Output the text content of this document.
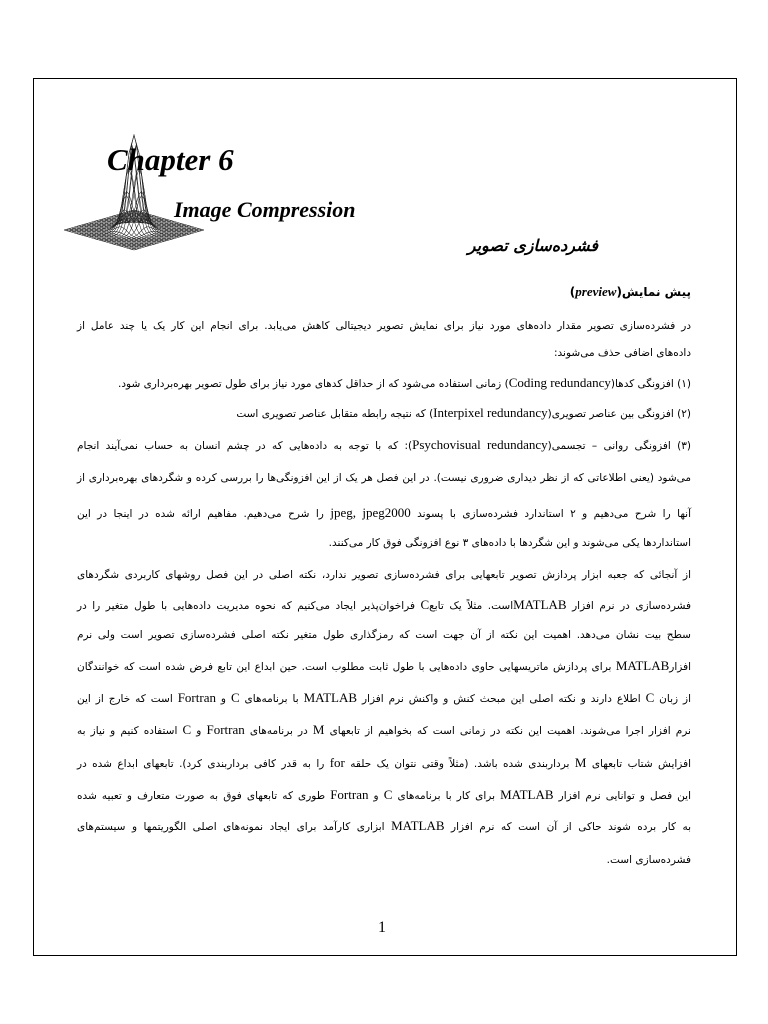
Chapter 6
Image Compression
فشرده‌سازی تصویر
پیش نمایش(preview)
در فشرده‌سازی تصویر مقدار داده‌های مورد نیاز برای نمایش تصویر دیجیتالی کاهش می‌یابد. برای انجام این کار یک یا چند عامل از
داده‌های اضافی حذف می‌شوند:
(۱) افزونگی کدها(Coding redundancy) زمانی استفاده می‌شود که از حداقل کدهای مورد نیاز برای طول تصویر بهره‌برداری شود.
(۲) افزونگی بین عناصر تصویری(Interpixel redundancy) که نتیجه رابطه متقابل عناصر تصویری است
(۳) افزونگی روانی – تجسمی(Psychovisual redundancy): که با توجه به داده‌هایی که در چشم انسان به حساب نمی‌آیند انجام
می‌شود (یعنی اطلاعاتی که از نظر دیداری ضروری نیست). در این فصل هر یک از این افزونگی‌ها را بررسی کرده و شگردهای بهره‌برداری از
آنها را شرح می‌دهیم و ۲ استاندارد فشرده‌سازی با پسوند jpeg, jpeg2000 را شرح می‌دهیم. مفاهیم ارائه شده در اینجا در این
استانداردها یکی می‌شوند و این شگردها با داده‌های ۳ نوع افزونگی فوق کار می‌کنند.
از آنجائی که جعبه ابزار پردازش تصویر تابعهایی برای فشرده‌سازی تصویر ندارد، نکته اصلی در این فصل روشهای کاربردی شگردهای
فشرده‌سازی در نرم افزار MATLABاست. مثلاً یک تابعC فراخوان‌پذیر ایجاد می‌کنیم که نحوه مدیریت داده‌هایی با طول متغیر را در
سطح بیت نشان می‌دهد. اهمیت این نکته از آن جهت است که رمزگذاری طول متغیر نکته اصلی فشرده‌سازی تصویر است ولی نرم
افزارMATLAB برای پردازش ماتریسهایی حاوی داده‌هایی با طول ثابت مطلوب است. حین ابداع این تابع فرض شده است که خوانندگان
از زبان C اطلاع دارند و نکته اصلی این مبحث کنش و واکنش نرم افزار MATLAB با برنامه‌های C و Fortran است که خارج از این
نرم افزار اجرا می‌شوند. اهمیت این نکته در زمانی است که بخواهیم از تابعهای M در برنامه‌های Fortran و C استفاده کنیم و نیاز به
افزایش شتاب تابعهای M برداربندی شده باشد. (مثلاً وقتی نتوان یک حلقه for را به قدر کافی برداربندی کرد). تابعهای ابداع شده در
این فصل و توانایی نرم افزار MATLAB برای کار با برنامه‌های C و Fortran طوری که تابعهای فوق به صورت متعارف و تعبیه شده
به کار برده شوند حاکی از آن است که نرم افزار MATLAB ابزاری کارآمد برای ایجاد نمونه‌های اصلی الگوریتمها و سیستم‌های
فشرده‌سازی است.
1
